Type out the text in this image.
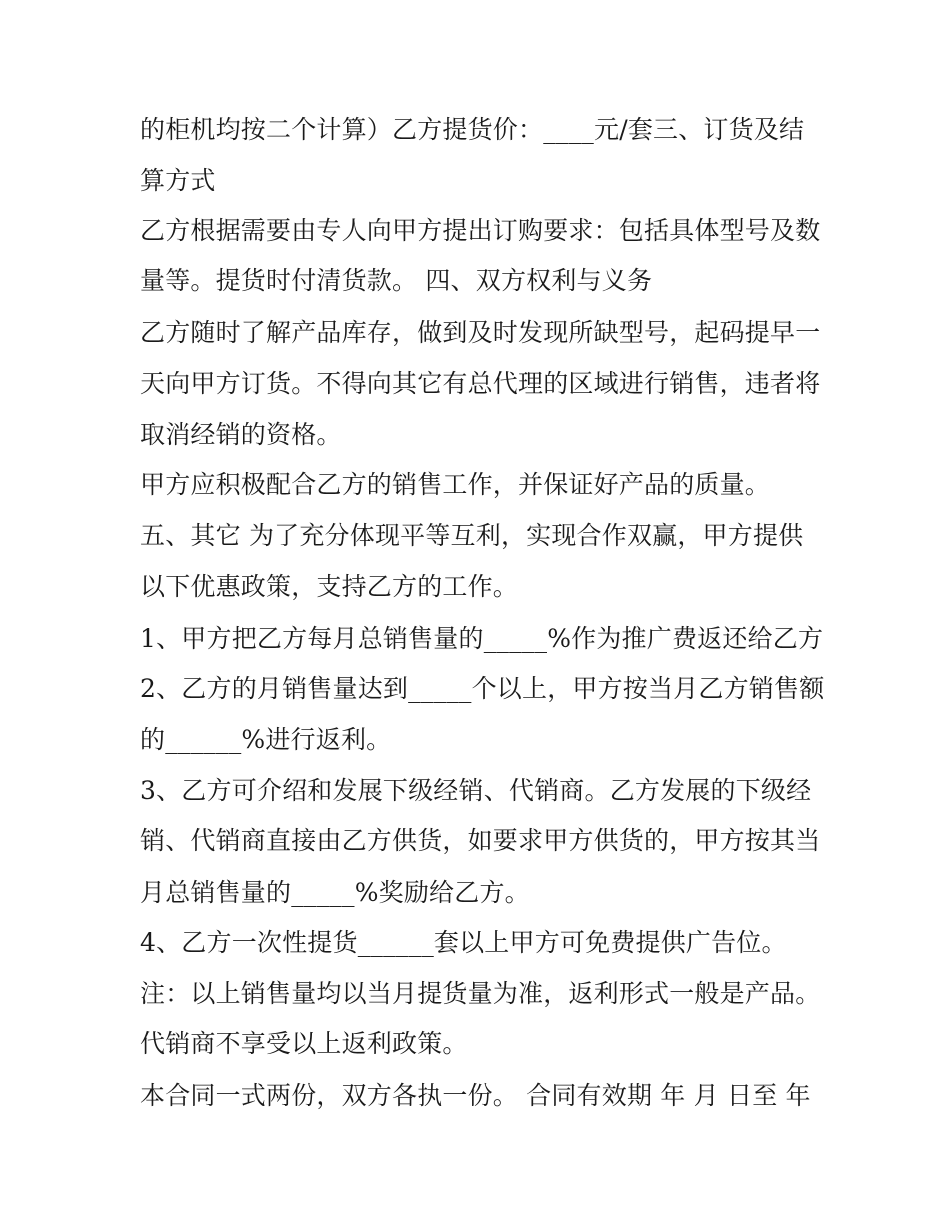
的柜机均按二个计算）乙方提货价：____元/套三、订货及结

算方式

乙方根据需要由专人向甲方提出订购要求：包括具体型号及数

量等。提货时付清货款。 四、双方权利与义务

乙方随时了解产品库存，做到及时发现所缺型号，起码提早一

天向甲方订货。不得向其它有总代理的区域进行销售，违者将

取消经销的资格。

甲方应积极配合乙方的销售工作，并保证好产品的质量。

五、其它 为了充分体现平等互利，实现合作双赢，甲方提供

以下优惠政策，支持乙方的工作。

1、甲方把乙方每月总销售量的_____%作为推广费返还给乙方

2、乙方的月销售量达到_____个以上，甲方按当月乙方销售额

的______%进行返利。

3、乙方可介绍和发展下级经销、代销商。乙方发展的下级经

销、代销商直接由乙方供货，如要求甲方供货的，甲方按其当

月总销售量的_____%奖励给乙方。

4、乙方一次性提货______套以上甲方可免费提供广告位。

注：以上销售量均以当月提货量为准，返利形式一般是产品。

代销商不享受以上返利政策。

本合同一式两份，双方各执一份。 合同有效期 年 月 日至 年
